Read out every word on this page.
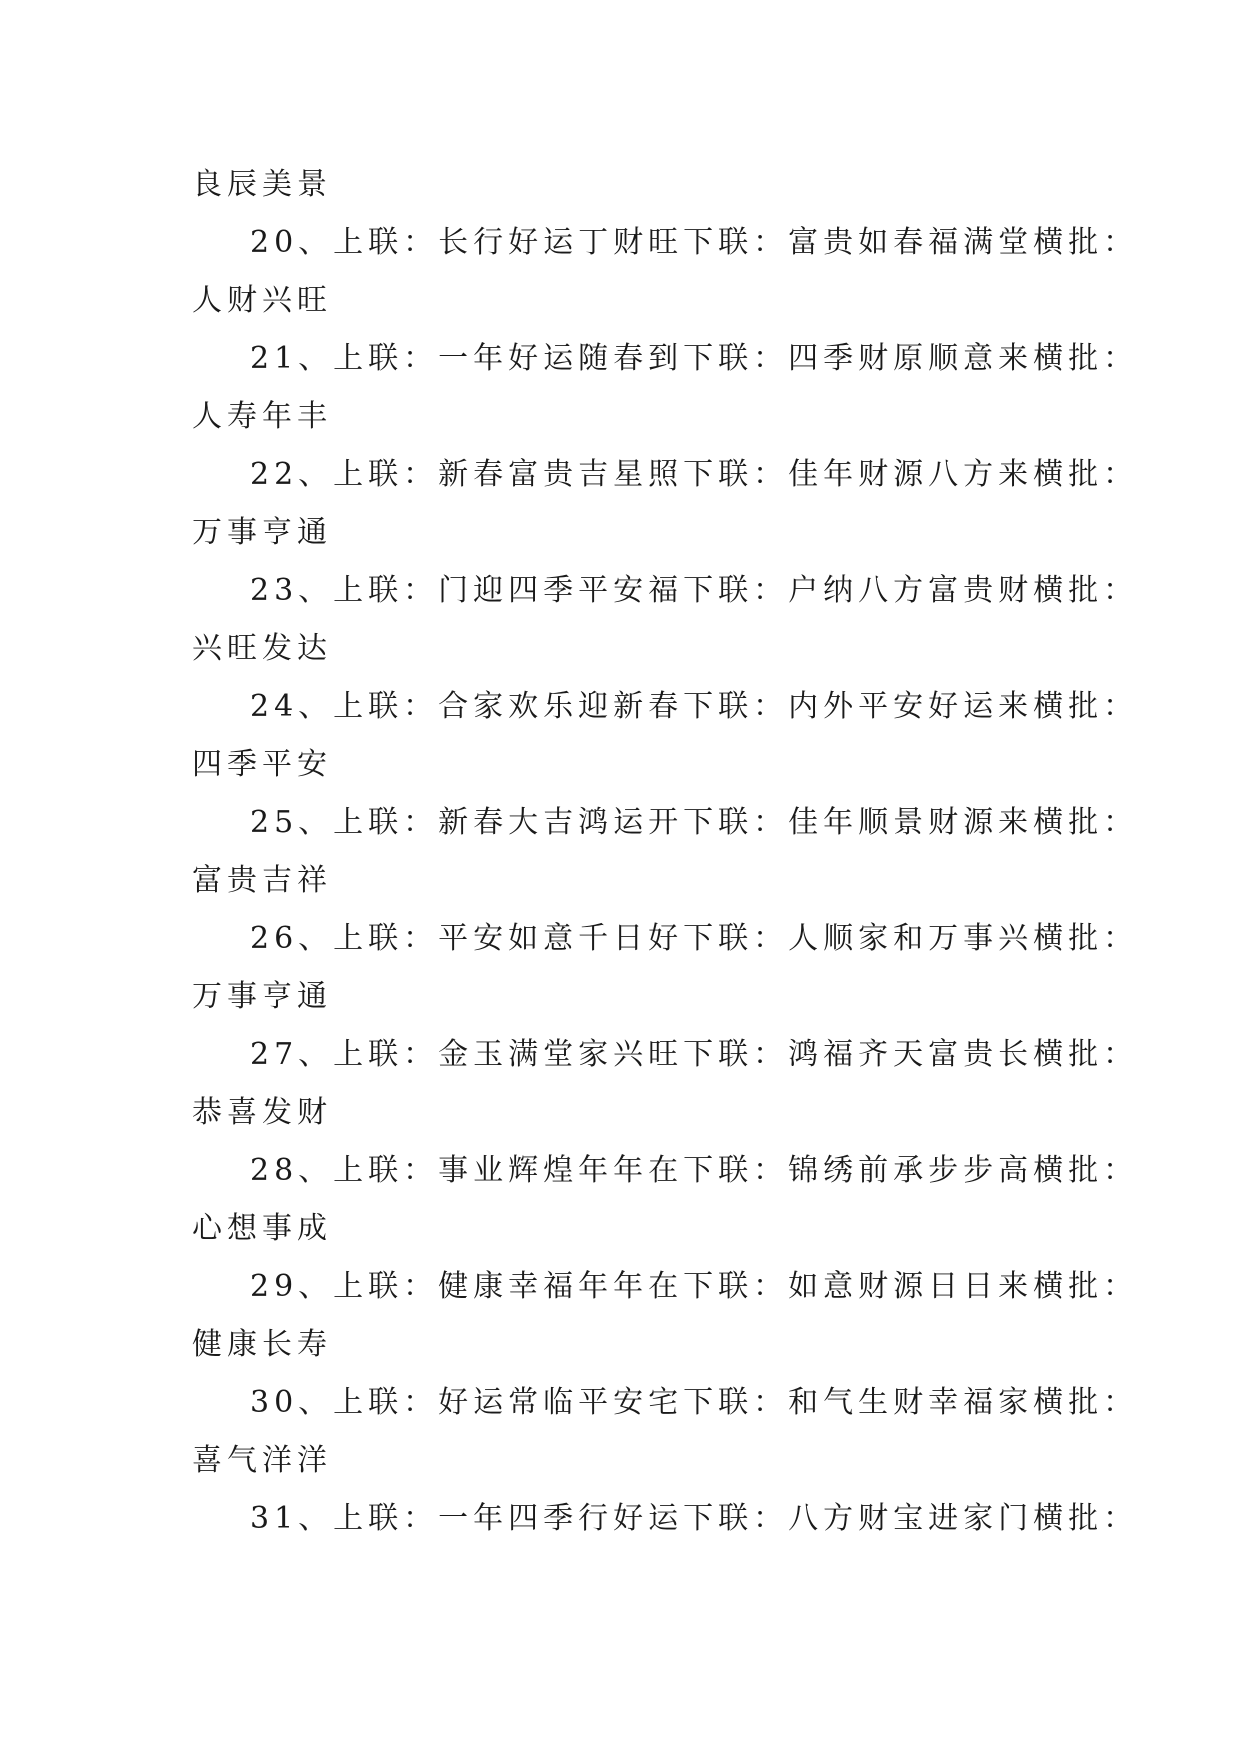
良辰美景

20、上联：长行好运丁财旺下联：富贵如春福满堂横批：
人财兴旺

21、上联：一年好运随春到下联：四季财原顺意来横批：
人寿年丰

22、上联：新春富贵吉星照下联：佳年财源八方来横批：
万事亨通

23、上联：门迎四季平安福下联：户纳八方富贵财横批：
兴旺发达

24、上联：合家欢乐迎新春下联：内外平安好运来横批：
四季平安

25、上联：新春大吉鸿运开下联：佳年顺景财源来横批：
富贵吉祥

26、上联：平安如意千日好下联：人顺家和万事兴横批：
万事亨通

27、上联：金玉满堂家兴旺下联：鸿福齐天富贵长横批：
恭喜发财

28、上联：事业辉煌年年在下联：锦绣前承步步高横批：
心想事成

29、上联：健康幸福年年在下联：如意财源日日来横批：
健康长寿

30、上联：好运常临平安宅下联：和气生财幸福家横批：
喜气洋洋

31、上联：一年四季行好运下联：八方财宝进家门横批：
